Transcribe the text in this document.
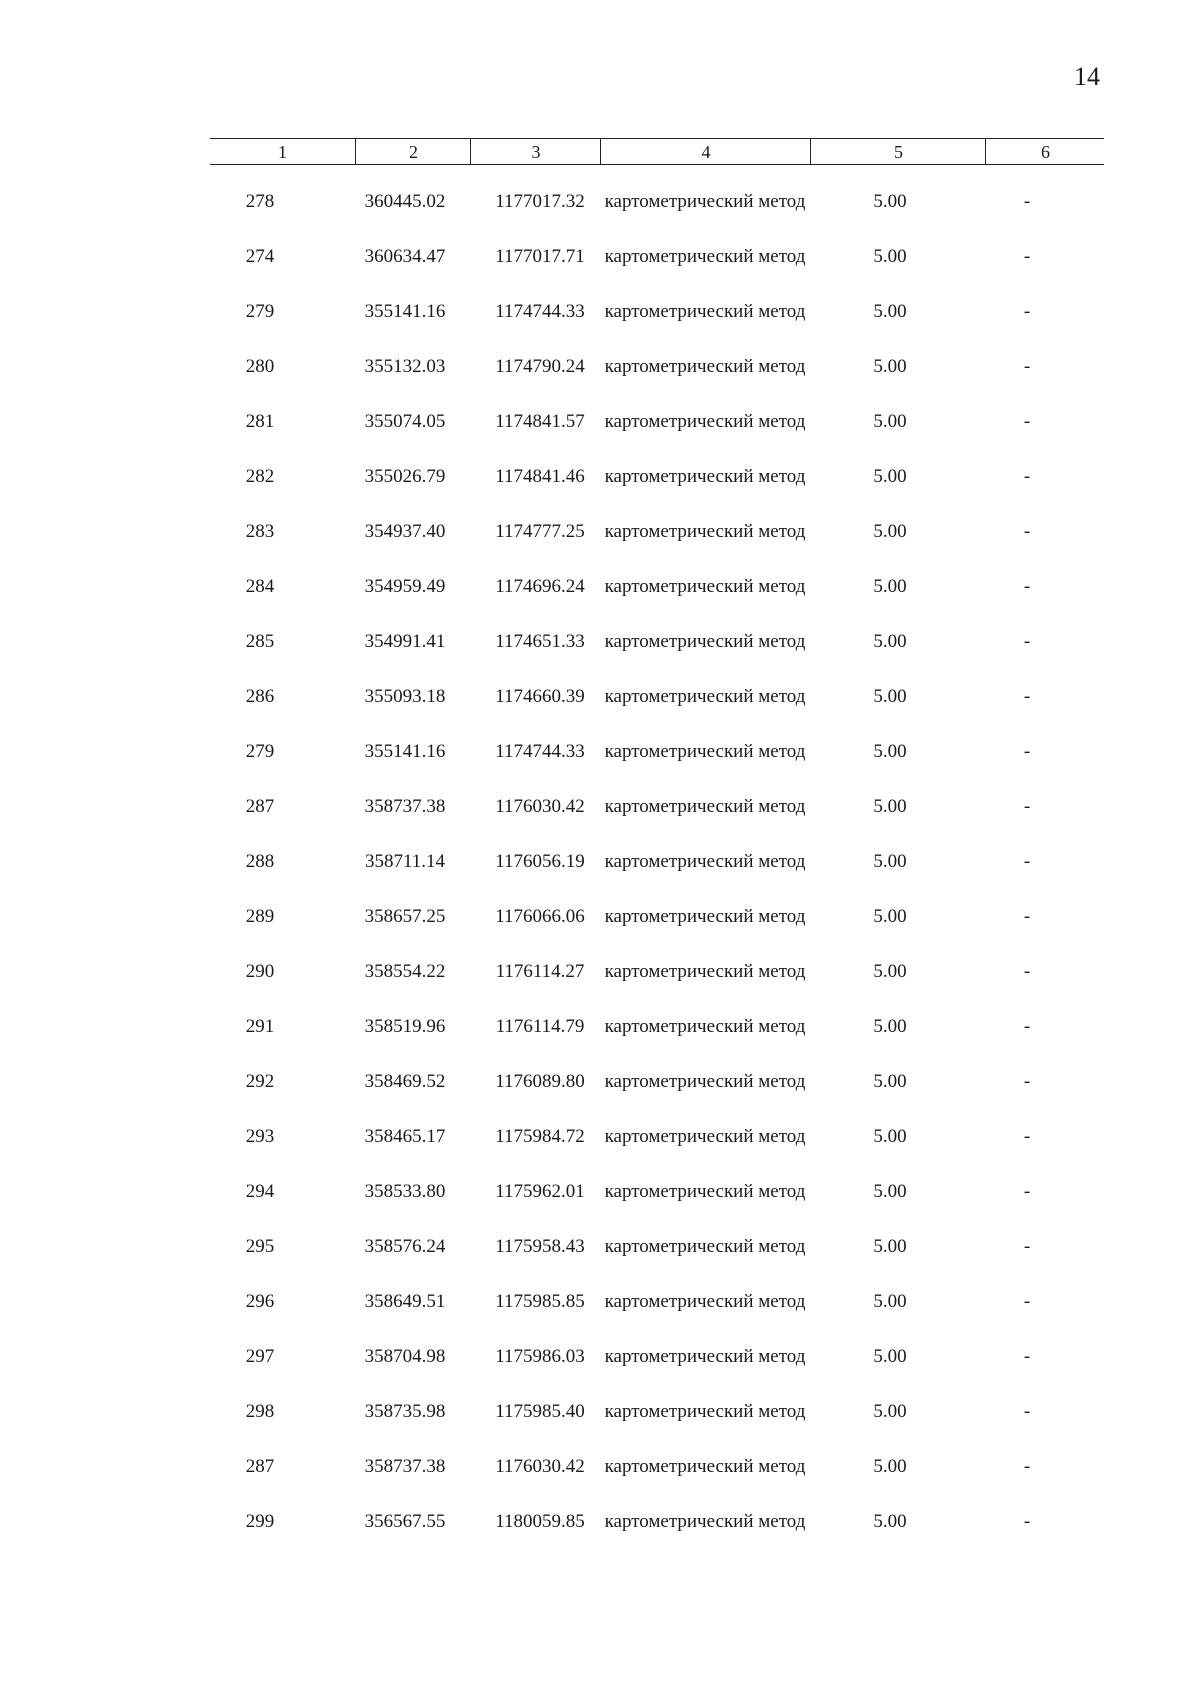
14
1	2	3	4	5	6
278	360445.02	1177017.32	картометрический метод	5.00	-
274	360634.47	1177017.71	картометрический метод	5.00	-
279	355141.16	1174744.33	картометрический метод	5.00	-
280	355132.03	1174790.24	картометрический метод	5.00	-
281	355074.05	1174841.57	картометрический метод	5.00	-
282	355026.79	1174841.46	картометрический метод	5.00	-
283	354937.40	1174777.25	картометрический метод	5.00	-
284	354959.49	1174696.24	картометрический метод	5.00	-
285	354991.41	1174651.33	картометрический метод	5.00	-
286	355093.18	1174660.39	картометрический метод	5.00	-
279	355141.16	1174744.33	картометрический метод	5.00	-
287	358737.38	1176030.42	картометрический метод	5.00	-
288	358711.14	1176056.19	картометрический метод	5.00	-
289	358657.25	1176066.06	картометрический метод	5.00	-
290	358554.22	1176114.27	картометрический метод	5.00	-
291	358519.96	1176114.79	картометрический метод	5.00	-
292	358469.52	1176089.80	картометрический метод	5.00	-
293	358465.17	1175984.72	картометрический метод	5.00	-
294	358533.80	1175962.01	картометрический метод	5.00	-
295	358576.24	1175958.43	картометрический метод	5.00	-
296	358649.51	1175985.85	картометрический метод	5.00	-
297	358704.98	1175986.03	картометрический метод	5.00	-
298	358735.98	1175985.40	картометрический метод	5.00	-
287	358737.38	1176030.42	картометрический метод	5.00	-
299	356567.55	1180059.85	картометрический метод	5.00	-
